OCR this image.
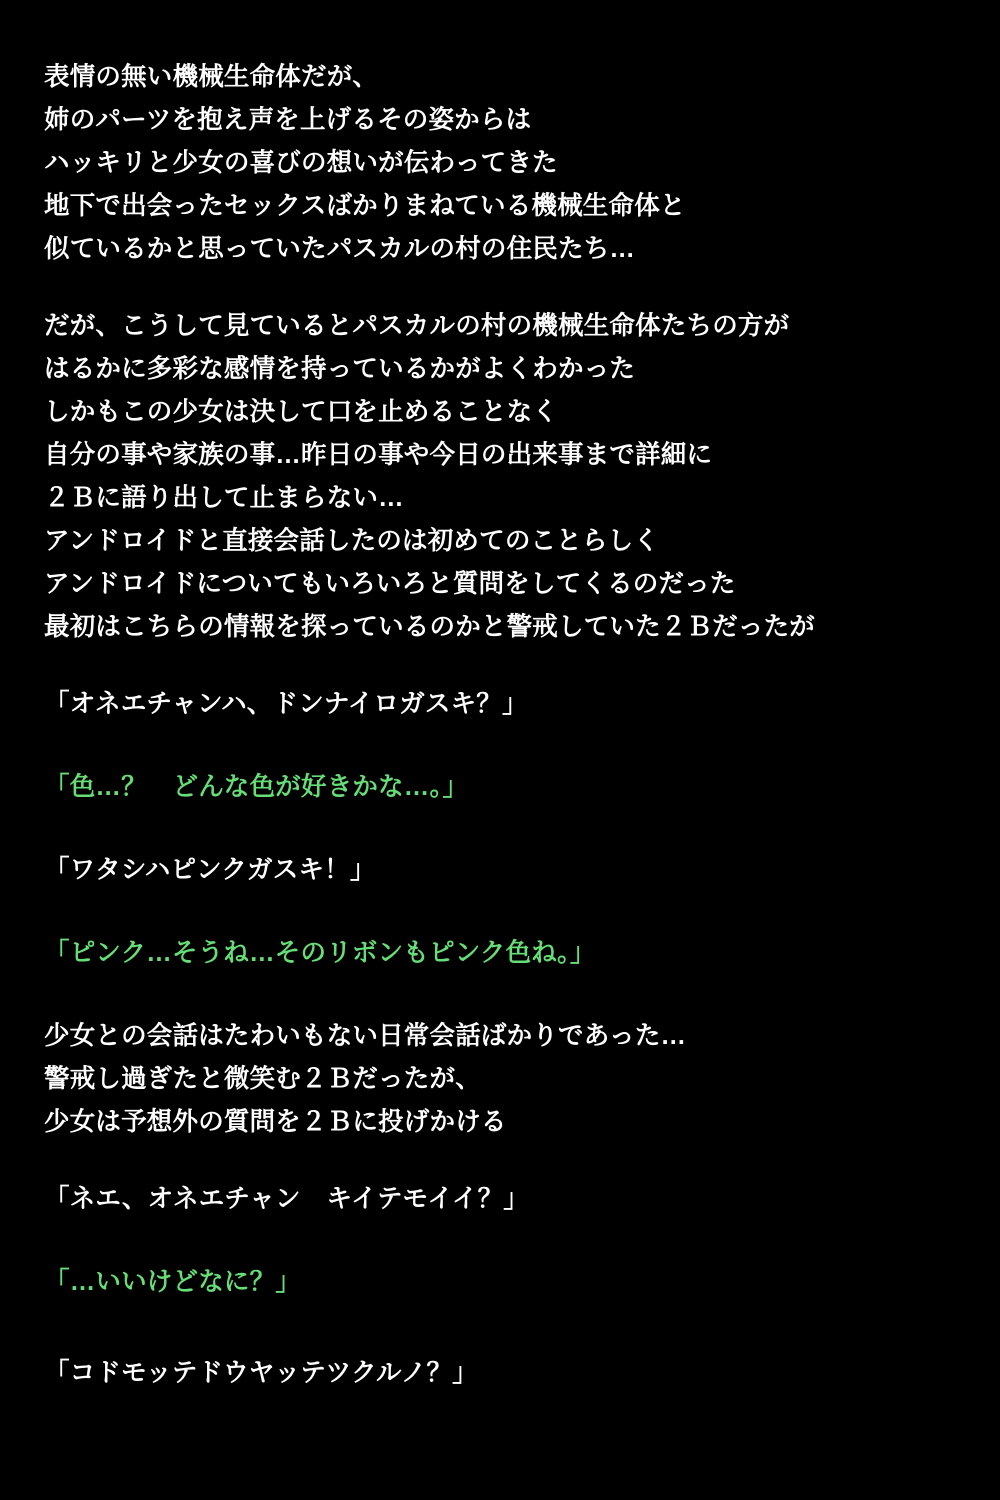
表情の無い機械生命体だが、
姉のパーツを抱え声を上げるその姿からは
ハッキリと少女の喜びの想いが伝わってきた
地下で出会ったセックスばかりまねている機械生命体と
似ているかと思っていたパスカルの村の住民たち…
だが、こうして見ているとパスカルの村の機械生命体たちの方が
はるかに多彩な感情を持っているかがよくわかった
しかもこの少女は決して口を止めることなく
自分の事や家族の事…昨日の事や今日の出来事まで詳細に
２Ｂに語り出して止まらない…
アンドロイドと直接会話したのは初めてのことらしく
アンドロイドについてもいろいろと質問をしてくるのだった
最初はこちらの情報を探っているのかと警戒していた２Ｂだったが
「オネエチャンハ、ドンナイロガスキ？」
「色…？　どんな色が好きかな…。」
「ワタシハピンクガスキ！」
「ピンク…そうね…そのリボンもピンク色ね。」
少女との会話はたわいもない日常会話ばかりであった…
警戒し過ぎたと微笑む２Ｂだったが、
少女は予想外の質問を２Ｂに投げかける
「ネエ、オネエチャン　キイテモイイ？」
「…いいけどなに？」
「コドモッテドウヤッテツクルノ？」
